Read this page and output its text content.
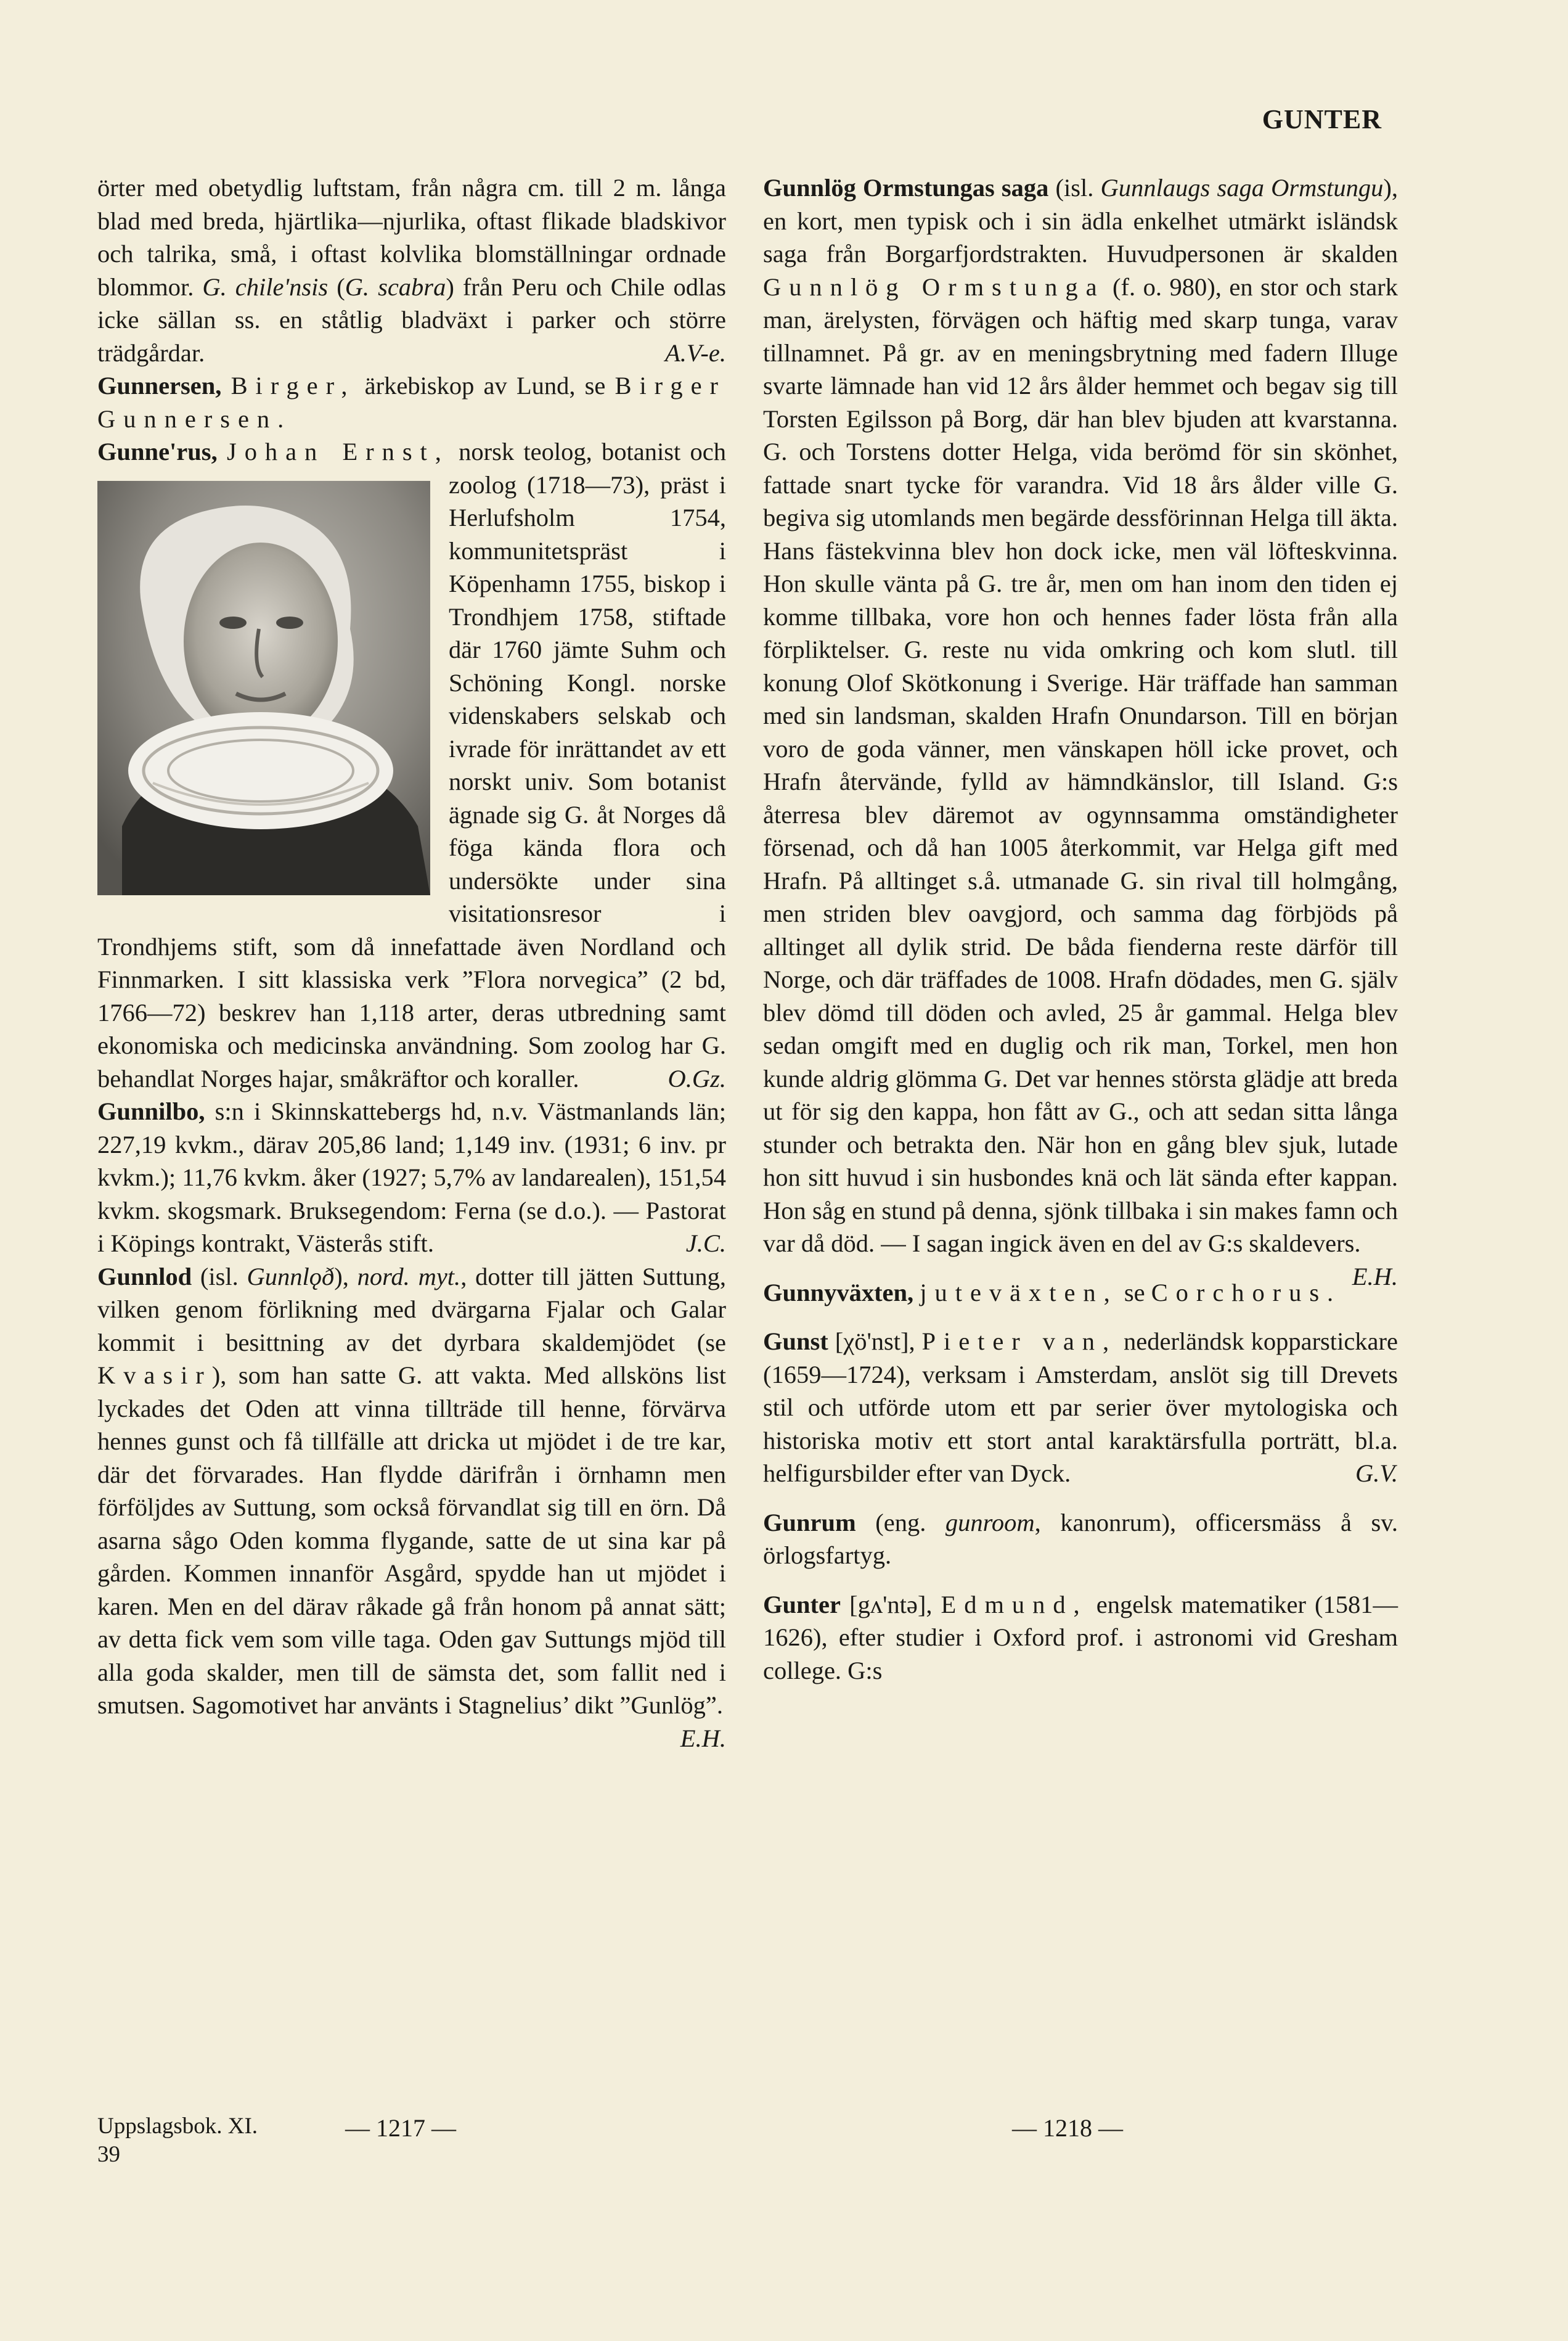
GUNTER

örter med obetydlig luftstam, från några cm. till 2 m. långa blad med breda, hjärtlika—njurlika, oftast flikade bladskivor och talrika, små, i oftast kolvlika blomställningar ordnade blommor. G. chile'nsis (G. scabra) från Peru och Chile odlas icke sällan ss. en ståtlig bladväxt i parker och större trädgårdar.	A.V-e.

Gunnersen, Birger, ärkebiskop av Lund, se Birger Gunnersen.

Gunne'rus, Johan Ernst,
norsk teolog, botanist och zoolog (1718—73), präst i Herlufsholm 1754, kommunitetspräst i Köpenhamn 1755, biskop i Trondhjem 1758, stiftade där 1760 jämte Suhm och Schöning Kongl. norske videnskabers selskab och ivrade för inrättandet av ett norskt univ. Som botanist ägnade sig G. åt Norges då föga kända flora och undersökte under sina visitationsresor i Trondhjems stift, som då innefattade även Nordland och Finnmarken. I sitt klassiska verk ”Flora norvegica” (2 bd, 1766—72) beskrev han 1,118 arter, deras utbredning samt ekonomiska och medicinska användning. Som zoolog har G. behandlat Norges hajar, småkräftor och koraller.	O.Gz.

Gunnilbo, s:n i Skinnskattebergs hd, n.v. Västmanlands län; 227,19 kvkm., därav 205,86 land; 1,149 inv. (1931; 6 inv. pr kvkm.); 11,76 kvkm. åker (1927; 5,7% av landarealen), 151,54 kvkm. skogsmark. Bruksegendom: Ferna (se d.o.). — Pastorat i Köpings kontrakt, Västerås stift.	J.C.

Gunnlod (isl. Gunnlǫð), nord. myt., dotter till jätten Suttung, vilken genom förlikning med dvärgarna Fjalar och Galar kommit i besittning av det dyrbara skaldemjödet (se Kvasir), som han satte G. att vakta. Med allsköns list lyckades det Oden att vinna tillträde till henne, förvärva hennes gunst och få tillfälle att dricka ut mjödet i de tre kar, där det förvarades. Han flydde därifrån i örnhamn men förföljdes av Suttung, som också förvandlat sig till en örn. Då asarna sågo Oden komma flygande, satte de ut sina kar på gården. Kommen innanför Asgård, spydde han ut mjödet i karen. Men en del därav råkade gå från honom på annat sätt; av detta fick vem som ville taga. Oden gav Suttungs mjöd till alla goda skalder, men till de sämsta det, som fallit ned i smutsen. Sagomotivet har använts i Stagnelius’ dikt ”Gunlög”.
E.H.

Gunnlög Ormstungas saga (isl. Gunnlaugs saga Ormstungu), en kort, men typisk och i sin ädla enkelhet utmärkt isländsk saga från Borgarfjordstrakten. Huvudpersonen är skalden Gunnlög Ormstunga (f. o. 980), en stor och stark man, ärelysten, förvägen och häftig med skarp tunga, varav tillnamnet. På gr. av en meningsbrytning med fadern Illuge svarte lämnade han vid 12 års ålder hemmet och begav sig till Torsten Egilsson på Borg, där han blev bjuden att kvarstanna. G. och Torstens dotter Helga, vida berömd för sin skönhet, fattade snart tycke för varandra. Vid 18 års ålder ville G. begiva sig utomlands men begärde dessförinnan Helga till äkta. Hans fästekvinna blev hon dock icke, men väl löfteskvinna. Hon skulle vänta på G. tre år, men om han inom den tiden ej komme tillbaka, vore hon och hennes fader lösta från alla förpliktelser. G. reste nu vida omkring och kom slutl. till konung Olof Skötkonung i Sverige. Här träffade han samman med sin landsman, skalden Hrafn Onundarson. Till en början voro de goda vänner, men vänskapen höll icke provet, och Hrafn återvände, fylld av hämndkänslor, till Island. G:s återresa blev däremot av ogynnsamma omständigheter försenad, och då han 1005 återkommit, var Helga gift med Hrafn. På alltinget s.å. utmanade G. sin rival till holmgång, men striden blev oavgjord, och samma dag förbjöds på alltinget all dylik strid. De båda fienderna reste därför till Norge, och där träffades de 1008. Hrafn dödades, men G. själv blev dömd till döden och avled, 25 år gammal. Helga blev sedan omgift med en duglig och rik man, Torkel, men hon kunde aldrig glömma G. Det var hennes största glädje att breda ut för sig den kappa, hon fått av G., och att sedan sitta långa stunder och betrakta den. När hon en gång blev sjuk, lutade hon sitt huvud i sin husbondes knä och lät sända efter kappan. Hon såg en stund på denna, sjönk tillbaka i sin makes famn och var då död. — I sagan ingick även en del av G:s skaldevers.
E.H.

Gunnyväxten, juteväxten, se Corchorus.

Gunst [χö'nst], Pieter van, nederländsk kopparstickare (1659—1724), verksam i Amsterdam, anslöt sig till Drevets stil och utförde utom ett par serier över mytologiska och historiska motiv ett stort antal karaktärsfulla porträtt, bl.a. helfigursbilder efter van Dyck.	G.V.

Gunrum (eng. gunroom, kanonrum), officersmäss å sv. örlogsfartyg.

Gunter [gʌ'ntə], Edmund, engelsk matematiker (1581—1626), efter studier i Oxford prof. i astronomi vid Gresham college. G:s

Uppslagsbok. XI.
39
— 1217 —	— 1218 —
